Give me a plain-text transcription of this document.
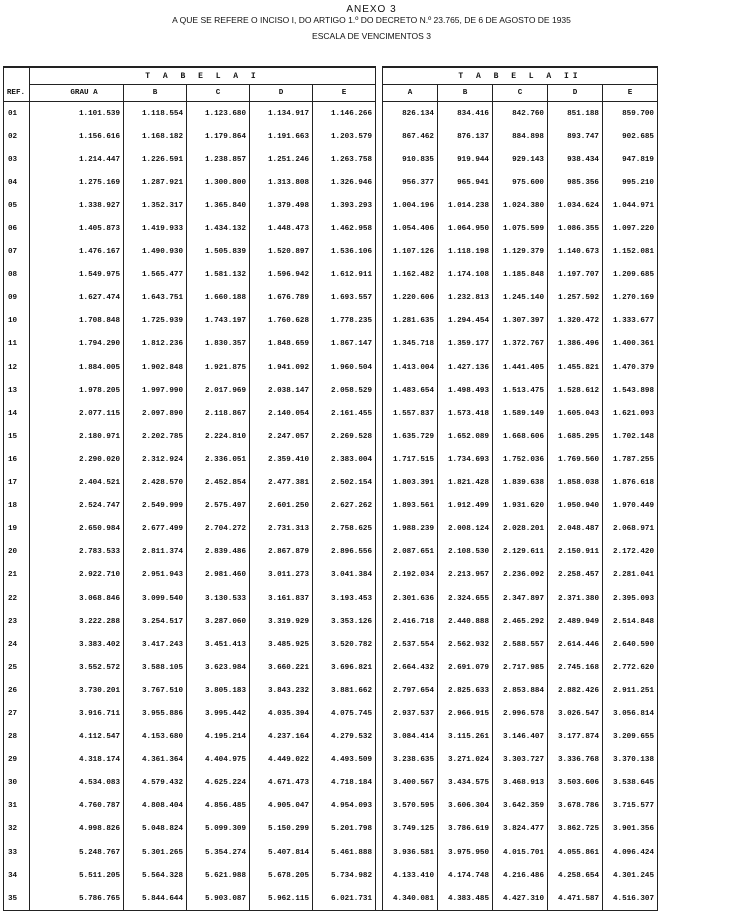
ANEXO 3
A QUE SE REFERE O INCISO I, DO ARTIGO 1.º DO DECRETO N.º 23.765, DE 6 DE AGOSTO DE 1935
ESCALA DE VENCIMENTOS 3
	T A B E L A I						T A B E L A II				
REF.	GRAU A	B	C	D	E		A	B	C	D	E
01	1.101.539	1.118.554	1.123.680	1.134.917	1.146.266		826.134	834.416	842.760	851.188	859.700
02	1.156.616	1.168.182	1.179.864	1.191.663	1.203.579		867.462	876.137	884.898	893.747	902.685
03	1.214.447	1.226.591	1.238.857	1.251.246	1.263.758		910.835	919.944	929.143	938.434	947.819
04	1.275.169	1.287.921	1.300.800	1.313.808	1.326.946		956.377	965.941	975.600	985.356	995.210
05	1.338.927	1.352.317	1.365.840	1.379.498	1.393.293		1.004.196	1.014.238	1.024.380	1.034.624	1.044.971
06	1.405.873	1.419.933	1.434.132	1.448.473	1.462.958		1.054.406	1.064.950	1.075.599	1.086.355	1.097.220
07	1.476.167	1.490.930	1.505.839	1.520.897	1.536.106		1.107.126	1.118.198	1.129.379	1.140.673	1.152.081
08	1.549.975	1.565.477	1.581.132	1.596.942	1.612.911		1.162.482	1.174.108	1.185.848	1.197.707	1.209.685
09	1.627.474	1.643.751	1.660.188	1.676.789	1.693.557		1.220.606	1.232.813	1.245.140	1.257.592	1.270.169
10	1.708.848	1.725.939	1.743.197	1.760.628	1.778.235		1.281.635	1.294.454	1.307.397	1.320.472	1.333.677
11	1.794.290	1.812.236	1.830.357	1.848.659	1.867.147		1.345.718	1.359.177	1.372.767	1.386.496	1.400.361
12	1.884.005	1.902.848	1.921.875	1.941.092	1.960.504		1.413.004	1.427.136	1.441.405	1.455.821	1.470.379
13	1.978.205	1.997.990	2.017.969	2.038.147	2.058.529		1.483.654	1.498.493	1.513.475	1.528.612	1.543.898
14	2.077.115	2.097.890	2.118.867	2.140.054	2.161.455		1.557.837	1.573.418	1.589.149	1.605.043	1.621.093
15	2.180.971	2.202.785	2.224.810	2.247.057	2.269.528		1.635.729	1.652.089	1.668.606	1.685.295	1.702.148
16	2.290.020	2.312.924	2.336.051	2.359.410	2.383.004		1.717.515	1.734.693	1.752.036	1.769.560	1.787.255
17	2.404.521	2.428.570	2.452.854	2.477.381	2.502.154		1.803.391	1.821.428	1.839.638	1.858.038	1.876.618
18	2.524.747	2.549.999	2.575.497	2.601.250	2.627.262		1.893.561	1.912.499	1.931.620	1.950.940	1.970.449
19	2.650.984	2.677.499	2.704.272	2.731.313	2.758.625		1.988.239	2.008.124	2.028.201	2.048.487	2.068.971
20	2.783.533	2.811.374	2.839.486	2.867.879	2.896.556		2.087.651	2.108.530	2.129.611	2.150.911	2.172.420
21	2.922.710	2.951.943	2.981.460	3.011.273	3.041.384		2.192.034	2.213.957	2.236.092	2.258.457	2.281.041
22	3.068.846	3.099.540	3.130.533	3.161.837	3.193.453		2.301.636	2.324.655	2.347.897	2.371.380	2.395.093
23	3.222.288	3.254.517	3.287.060	3.319.929	3.353.126		2.416.718	2.440.888	2.465.292	2.489.949	2.514.848
24	3.383.402	3.417.243	3.451.413	3.485.925	3.520.782		2.537.554	2.562.932	2.588.557	2.614.446	2.640.590
25	3.552.572	3.588.105	3.623.984	3.660.221	3.696.821		2.664.432	2.691.079	2.717.985	2.745.168	2.772.620
26	3.730.201	3.767.510	3.805.183	3.843.232	3.881.662		2.797.654	2.825.633	2.853.884	2.882.426	2.911.251
27	3.916.711	3.955.886	3.995.442	4.035.394	4.075.745		2.937.537	2.966.915	2.996.578	3.026.547	3.056.814
28	4.112.547	4.153.680	4.195.214	4.237.164	4.279.532		3.084.414	3.115.261	3.146.407	3.177.874	3.209.655
29	4.318.174	4.361.364	4.404.975	4.449.022	4.493.509		3.238.635	3.271.024	3.303.727	3.336.768	3.370.138
30	4.534.083	4.579.432	4.625.224	4.671.473	4.718.184		3.400.567	3.434.575	3.468.913	3.503.606	3.538.645
31	4.760.787	4.808.404	4.856.485	4.905.047	4.954.093		3.570.595	3.606.304	3.642.359	3.678.786	3.715.577
32	4.998.826	5.048.824	5.099.309	5.150.299	5.201.798		3.749.125	3.786.619	3.824.477	3.862.725	3.901.356
33	5.248.767	5.301.265	5.354.274	5.407.814	5.461.888		3.936.581	3.975.950	4.015.701	4.055.861	4.096.424
34	5.511.205	5.564.328	5.621.988	5.678.205	5.734.982		4.133.410	4.174.748	4.216.486	4.258.654	4.301.245
35	5.786.765	5.844.644	5.903.087	5.962.115	6.021.731		4.340.081	4.383.485	4.427.310	4.471.587	4.516.307
